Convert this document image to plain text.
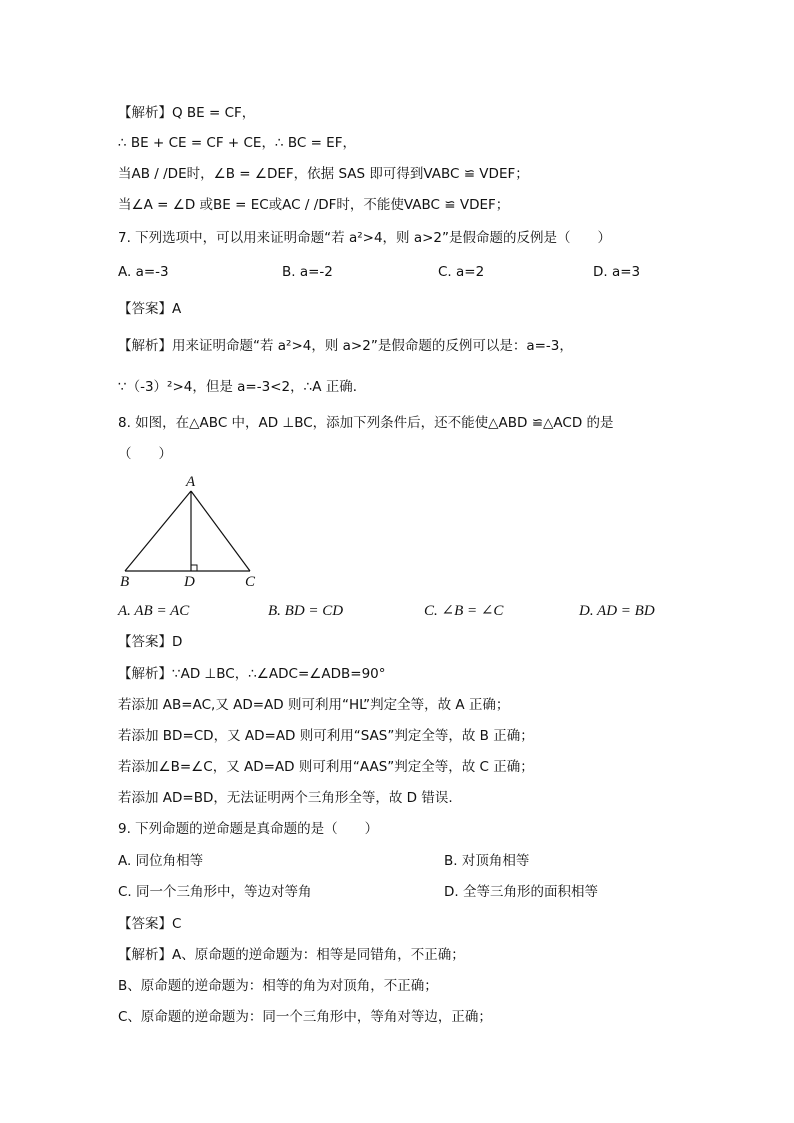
【解析】Q BE = CF，
∴ BE + CE = CF + CE，∴ BC = EF，
当AB / /DE时，∠B = ∠DEF，依据 SAS 即可得到VABC ≌ VDEF；
当∠A = ∠D 或BE = EC或AC / /DF时，不能使VABC ≌ VDEF；
7. 下列选项中，可以用来证明命题“若 a²>4，则 a>2”是假命题的反例是（　　）
A. a=-3	B. a=-2	C. a=2	D. a=3
【答案】A
【解析】用来证明命题“若 a²>4，则 a>2”是假命题的反例可以是：a=-3，
∵（-3）²>4，但是 a=-3<2，∴A 正确．
8. 如图，在△ABC 中，AD ⊥BC，添加下列条件后，还不能使△ABD ≌△ACD 的是
（　　）
A
B	D	C
A. AB = AC	B. BD = CD	C. ∠B = ∠C	D. AD = BD
【答案】D
【解析】∵AD ⊥BC，∴∠ADC=∠ADB=90°
若添加 AB=AC,又 AD=AD 则可利用“HL”判定全等，故 A 正确；
若添加 BD=CD，又 AD=AD 则可利用“SAS”判定全等，故 B 正确；
若添加∠B=∠C，又 AD=AD 则可利用“AAS”判定全等，故 C 正确；
若添加 AD=BD，无法证明两个三角形全等，故 D 错误.
9. 下列命题的逆命题是真命题的是（　　）
A. 同位角相等	B. 对顶角相等
C. 同一个三角形中，等边对等角	D. 全等三角形的面积相等
【答案】C
【解析】A、原命题的逆命题为：相等是同错角，不正确；
B、原命题的逆命题为：相等的角为对顶角，不正确；
C、原命题的逆命题为：同一个三角形中，等角对等边，正确；
